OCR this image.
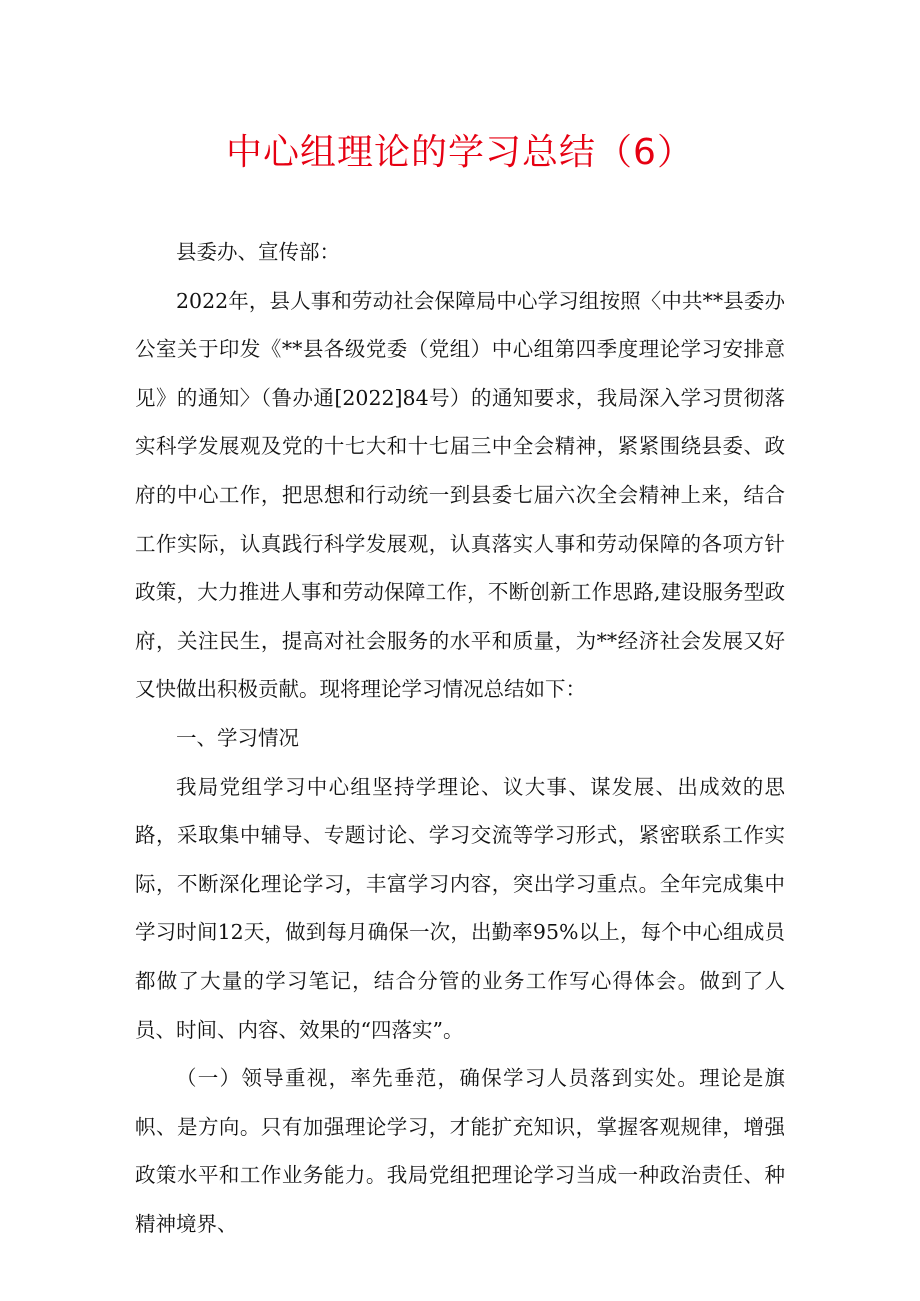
中心组理论的学习总结（6）

县委办、宣传部：

2022年，县人事和劳动社会保障局中心学习组按照〈中共**县委办公室关于印发《**县各级党委（党组）中心组第四季度理论学习安排意见》的通知〉（鲁办通[2022]84号）的通知要求，我局深入学习贯彻落实科学发展观及党的十七大和十七届三中全会精神，紧紧围绕县委、政府的中心工作，把思想和行动统一到县委七届六次全会精神上来，结合工作实际，认真践行科学发展观，认真落实人事和劳动保障的各项方针政策，大力推进人事和劳动保障工作，不断创新工作思路,建设服务型政府，关注民生，提高对社会服务的水平和质量，为**经济社会发展又好又快做出积极贡献。现将理论学习情况总结如下：

一、学习情况

我局党组学习中心组坚持学理论、议大事、谋发展、出成效的思路，采取集中辅导、专题讨论、学习交流等学习形式，紧密联系工作实际，不断深化理论学习，丰富学习内容，突出学习重点。全年完成集中学习时间12天，做到每月确保一次，出勤率95%以上，每个中心组成员都做了大量的学习笔记，结合分管的业务工作写心得体会。做到了人员、时间、内容、效果的“四落实”。

（一）领导重视，率先垂范，确保学习人员落到实处。理论是旗帜、是方向。只有加强理论学习，才能扩充知识，掌握客观规律，增强政策水平和工作业务能力。我局党组把理论学习当成一种政治责任、种精神境界、
